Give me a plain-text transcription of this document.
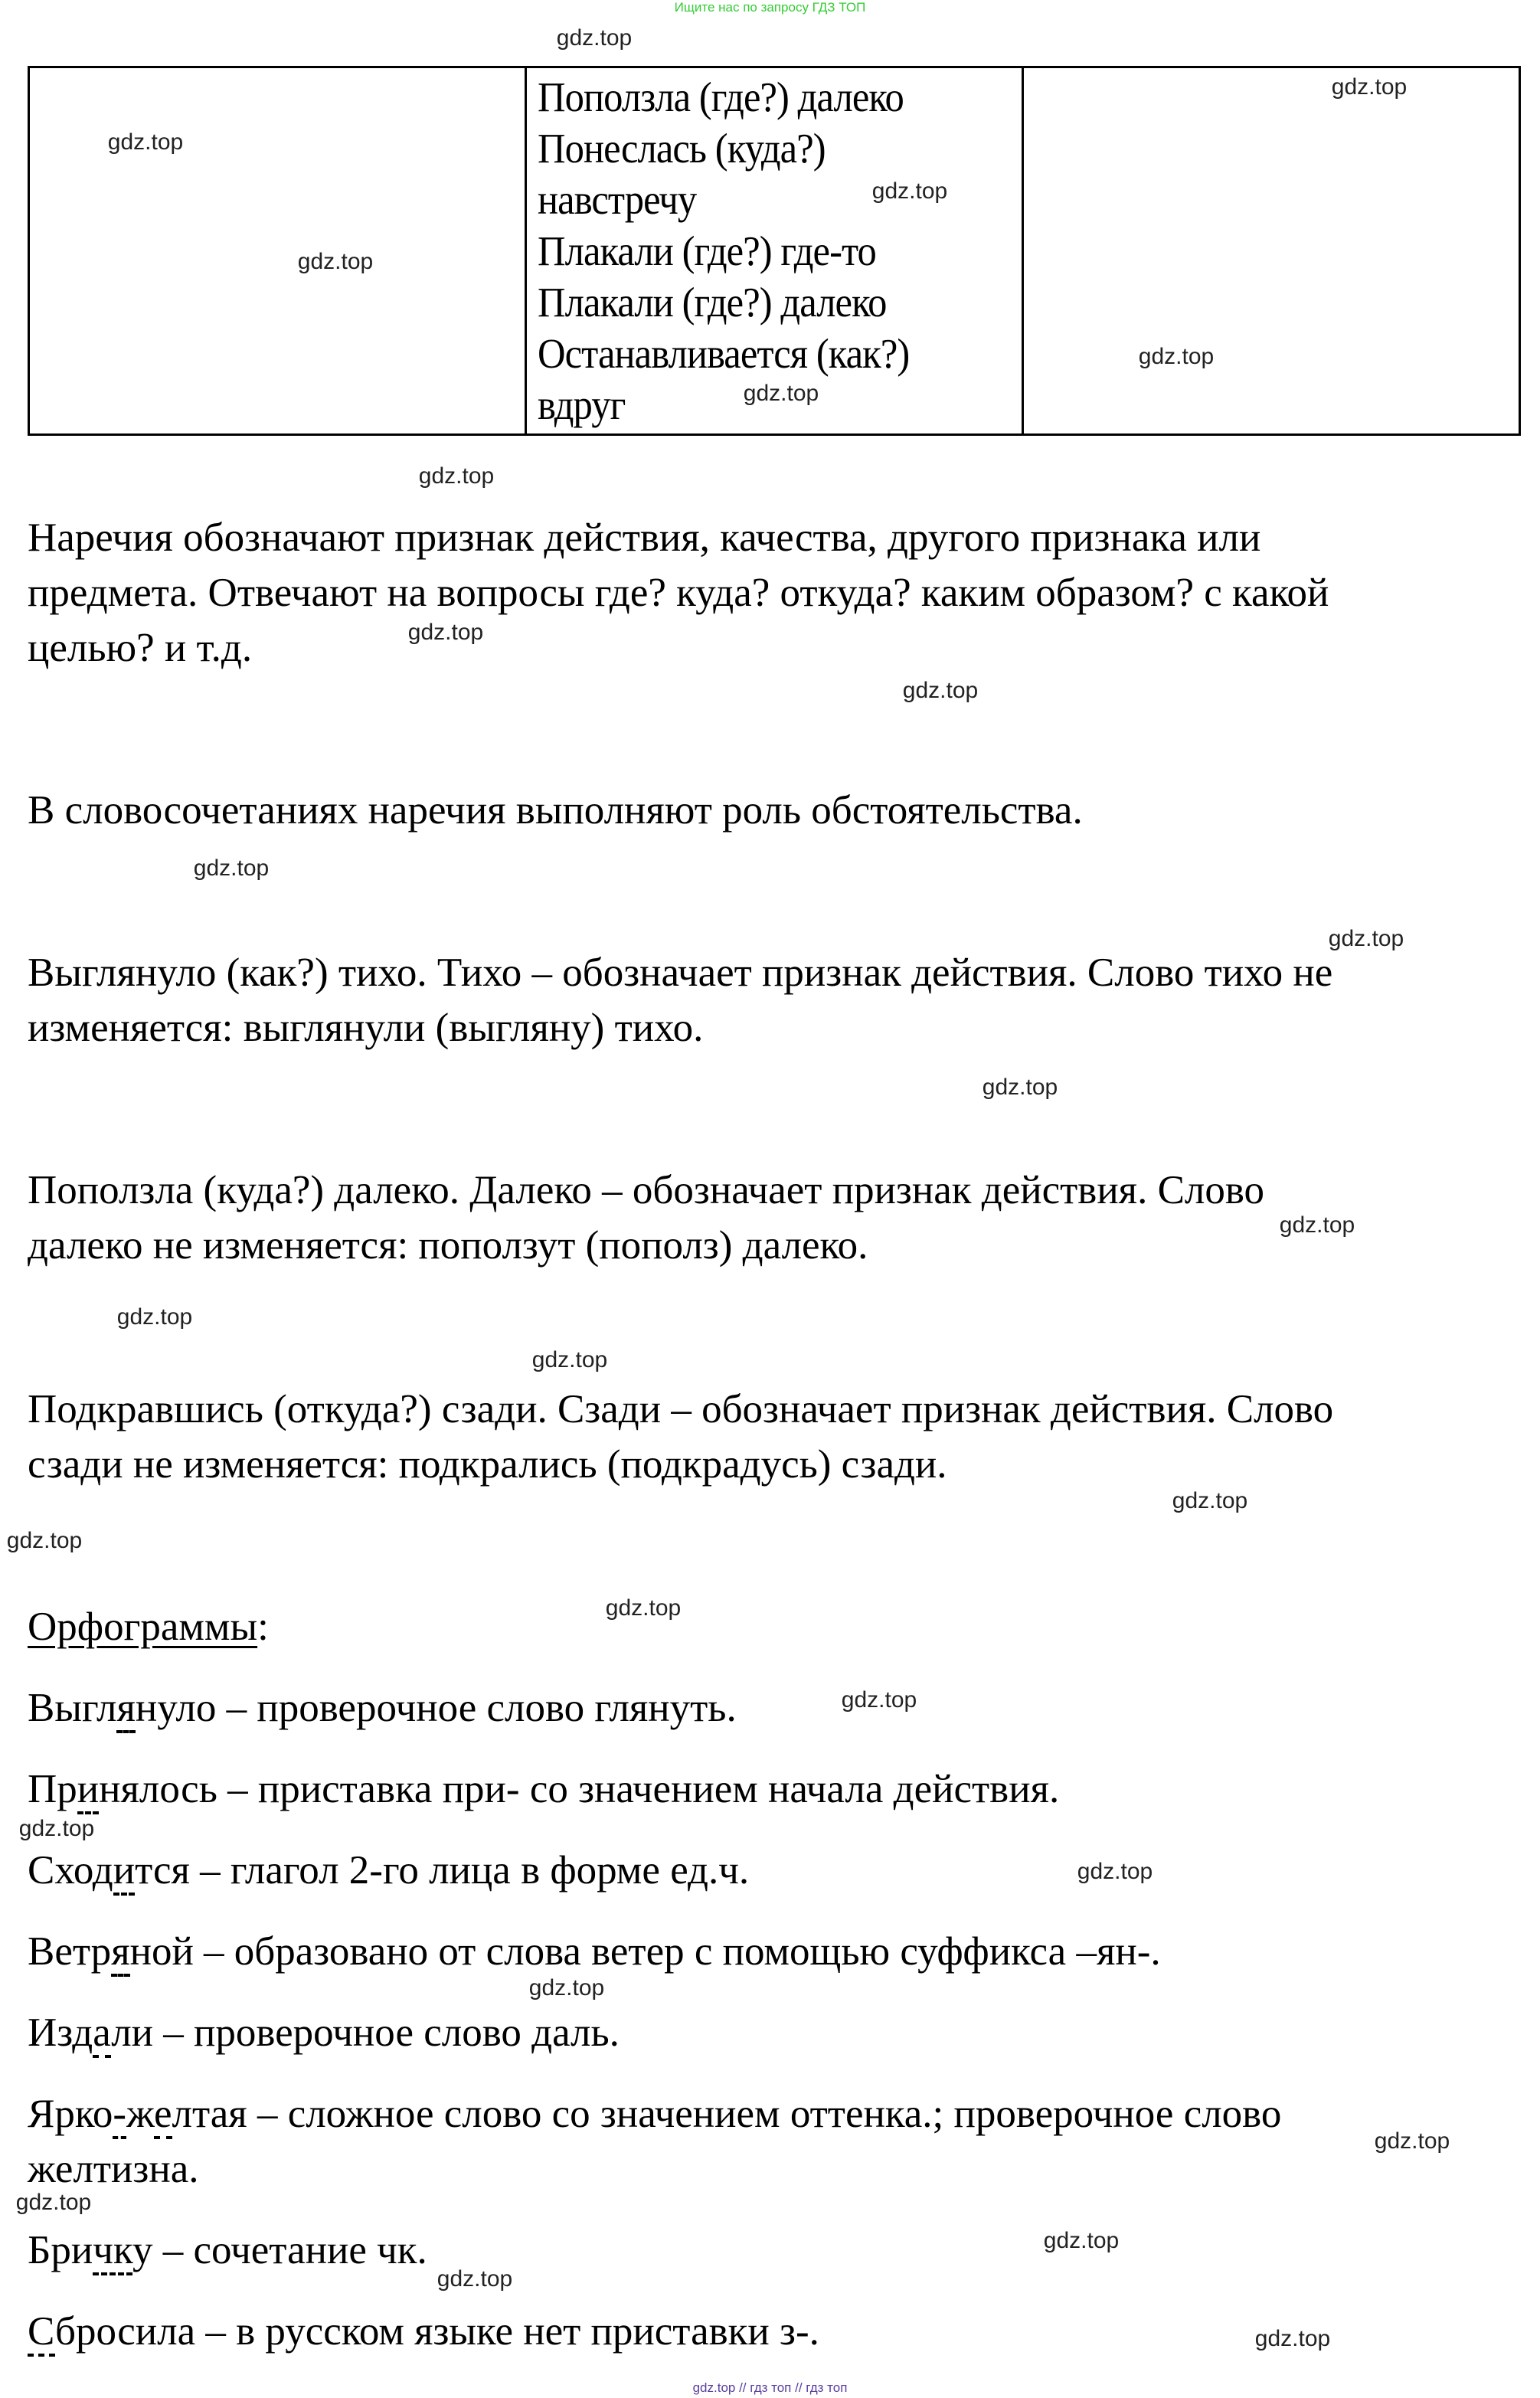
Ищите нас по запросу ГДЗ ТОП

Поползла (где?) далеко
Понеслась (куда?)
навстречу
Плакали (где?) где-то
Плакали (где?) далеко
Останавливается (как?)
вдруг

Наречия обозначают признак действия, качества, другого признака или
предмета. Отвечают на вопросы где? куда? откуда? каким образом? с какой
целью? и т.д.
В словосочетаниях наречия выполняют роль обстоятельства.
Выглянуло (как?) тихо. Тихо – обозначает признак действия. Слово тихо не
изменяется: выглянули (выгляну) тихо.
Поползла (куда?) далеко. Далеко – обозначает признак действия. Слово
далеко не изменяется: поползут (пополз) далеко.
Подкравшись (откуда?) сзади. Сзади – обозначает признак действия. Слово
сзади не изменяется: подкрались (подкрадусь) сзади.
Орфограммы:
Выглянуло – проверочное слово глянуть.
Принялось – приставка при- со значением начала действия.
Сходится – глагол 2-го лица в форме ед.ч.
Ветряной – образовано от слова ветер с помощью суффикса –ян-.
Издали – проверочное слово даль.
Ярко-желтая – сложное слово со значением оттенка.; проверочное слово
желтизна.
Бричку – сочетание чк.
Сбросила – в русском языке нет приставки з-.
gdz.top
gdz.top
gdz.top
gdz.top
gdz.top
gdz.top
gdz.top
gdz.top
gdz.top
gdz.top
gdz.top
gdz.top
gdz.top
gdz.top
gdz.top
gdz.top
gdz.top
gdz.top
gdz.top
gdz.top
gdz.top
gdz.top
gdz.top
gdz.top
gdz.top
gdz.top
gdz.top
gdz.top
gdz.top // гдз топ // гдз топ
